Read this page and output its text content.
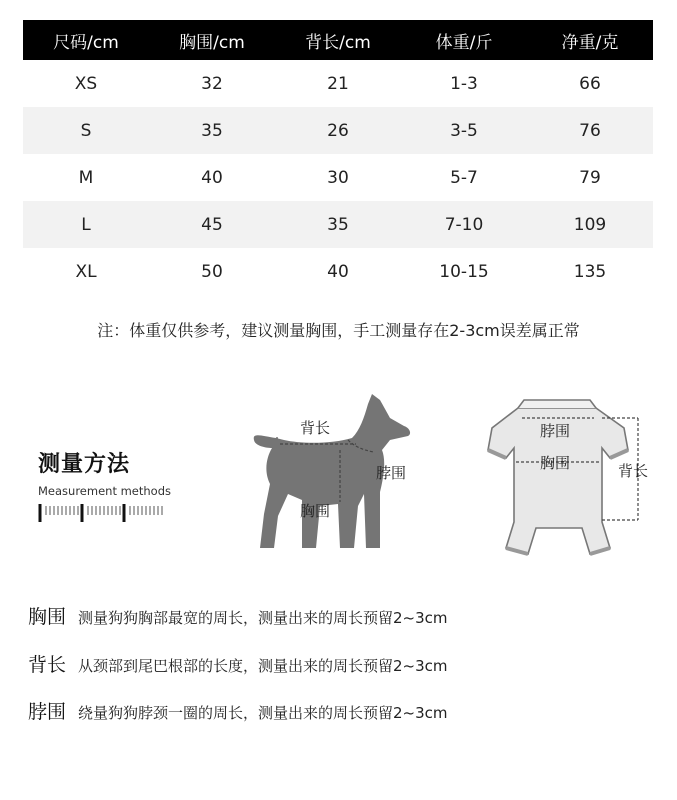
尺码/cm	胸围/cm	背长/cm	体重/斤	净重/克
XS	32	21	1-3	66
S	35	26	3-5	76
M	40	30	5-7	79
L	45	35	7-10	109
XL	50	40	10-15	135
注：体重仅供参考，建议测量胸围，手工测量存在2-3cm误差属正常
测量方法
Measurement methods
背长
脖围
胸围
脖围
胸围	背长
胸围 测量狗狗胸部最宽的周长，测量出来的周长预留2~3cm
背长 从颈部到尾巴根部的长度，测量出来的周长预留2~3cm
脖围 绕量狗狗脖颈一圈的周长，测量出来的周长预留2~3cm
